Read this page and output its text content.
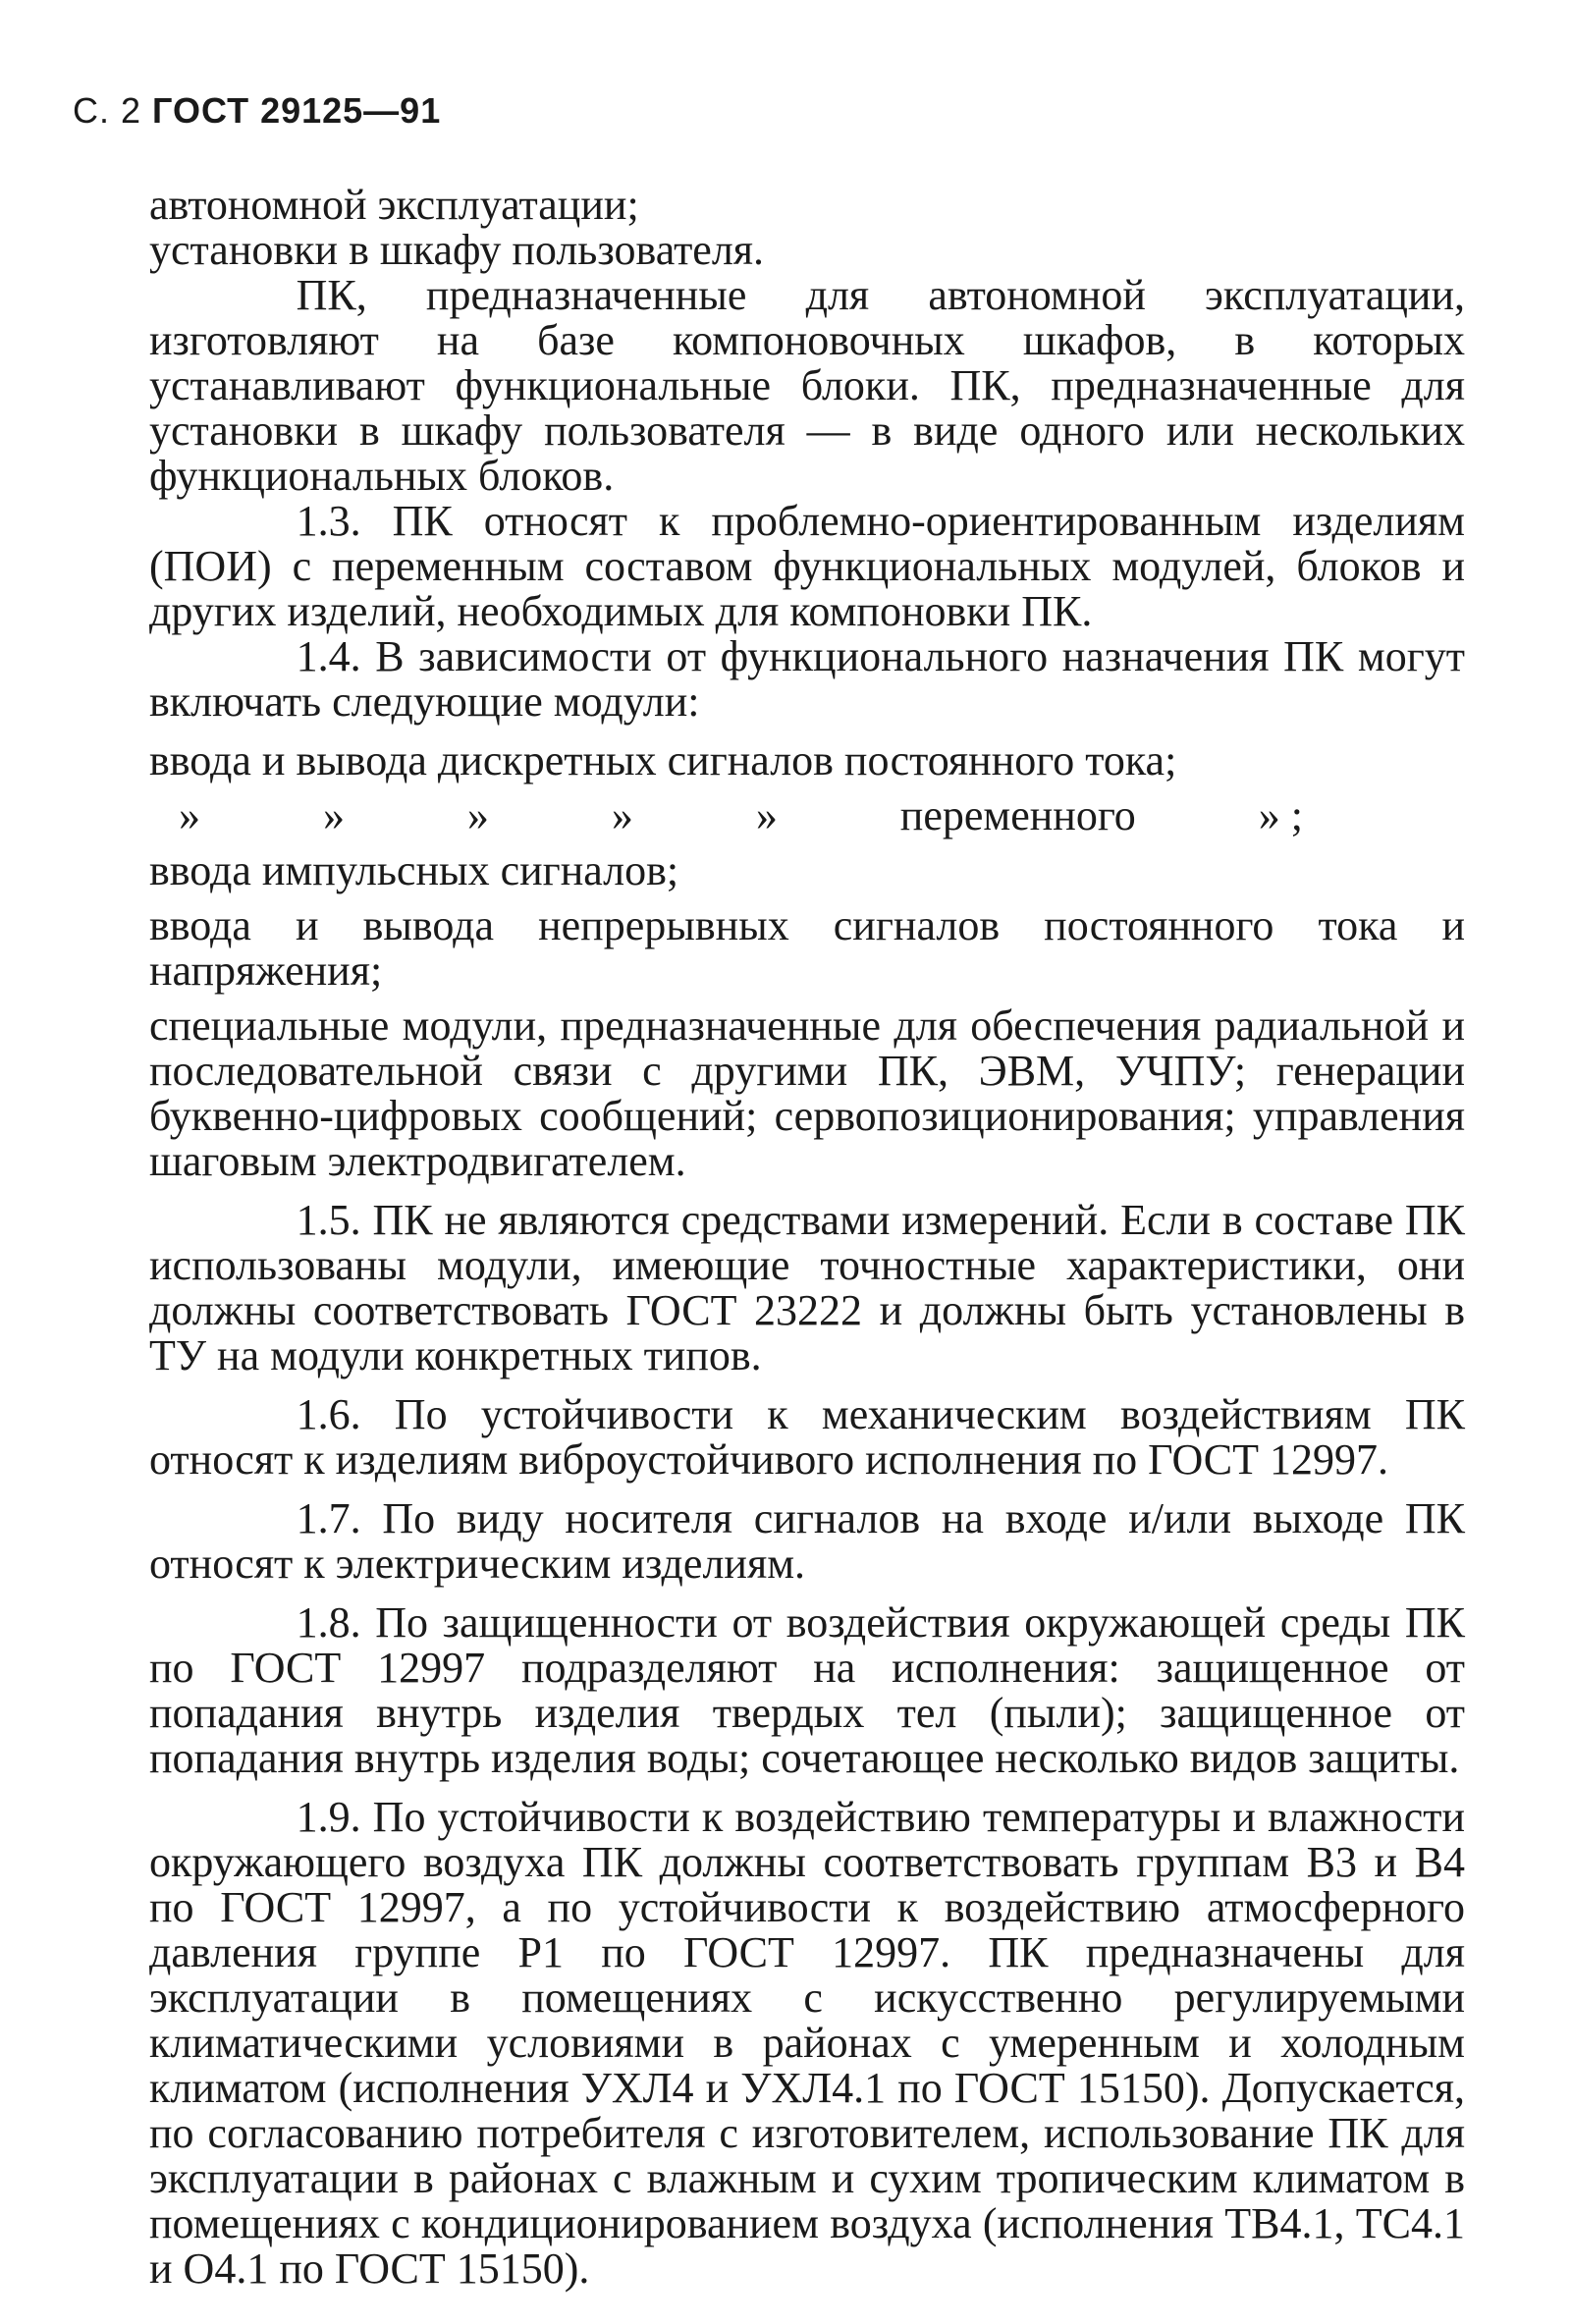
С. 2 ГОСТ 29125—91
автономной эксплуатации;
установки в шкафу пользователя.
ПК, предназначенные для автономной эксплуатации, изготовляют на базе компоновочных шкафов, в которых устанавливают функциональные блоки. ПК, предназначенные для установки в шкафу пользователя — в виде одного или нескольких функциональных блоков.
1.3. ПК относят к проблемно-ориентированным изделиям (ПОИ) с переменным составом функциональных модулей, блоков и других изделий, необходимых для компоновки ПК.
1.4. В зависимости от функционального назначения ПК могут включать следующие модули:
ввода и вывода дискретных сигналов постоянного тока;
»	»	»	»	»	переменного	» ;
ввода импульсных сигналов;
ввода и вывода непрерывных сигналов постоянного тока и напряжения;
специальные модули, предназначенные для обеспечения радиальной и последовательной связи с другими ПК, ЭВМ, УЧПУ; генерации буквенно-цифровых сообщений; сервопозиционирования; управления шаговым электродвигателем.
1.5. ПК не являются средствами измерений. Если в составе ПК использованы модули, имеющие точностные характеристики, они должны соответствовать ГОСТ 23222 и должны быть установлены в ТУ на модули конкретных типов.
1.6. По устойчивости к механическим воздействиям ПК относят к изделиям виброустойчивого исполнения по ГОСТ 12997.
1.7. По виду носителя сигналов на входе и/или выходе ПК относят к электрическим изделиям.
1.8. По защищенности от воздействия окружающей среды ПК по ГОСТ 12997 подразделяют на исполнения: защищенное от попадания внутрь изделия твердых тел (пыли); защищенное от попадания внутрь изделия воды; сочетающее несколько видов защиты.
1.9. По устойчивости к воздействию температуры и влажности окружающего воздуха ПК должны соответствовать группам В3 и В4 по ГОСТ 12997, а по устойчивости к воздействию атмосферного давления группе Р1 по ГОСТ 12997. ПК предназначены для эксплуатации в помещениях с искусственно регулируемыми климатическими условиями в районах с умеренным и холодным климатом (исполнения УХЛ4 и УХЛ4.1 по ГОСТ 15150). Допускается, по согласованию потребителя с изготовителем, использование ПК для эксплуатации в районах с влажным и сухим тропическим климатом в помещениях с кондиционированием воздуха (исполнения ТВ4.1, ТС4.1 и О4.1 по ГОСТ 15150).
